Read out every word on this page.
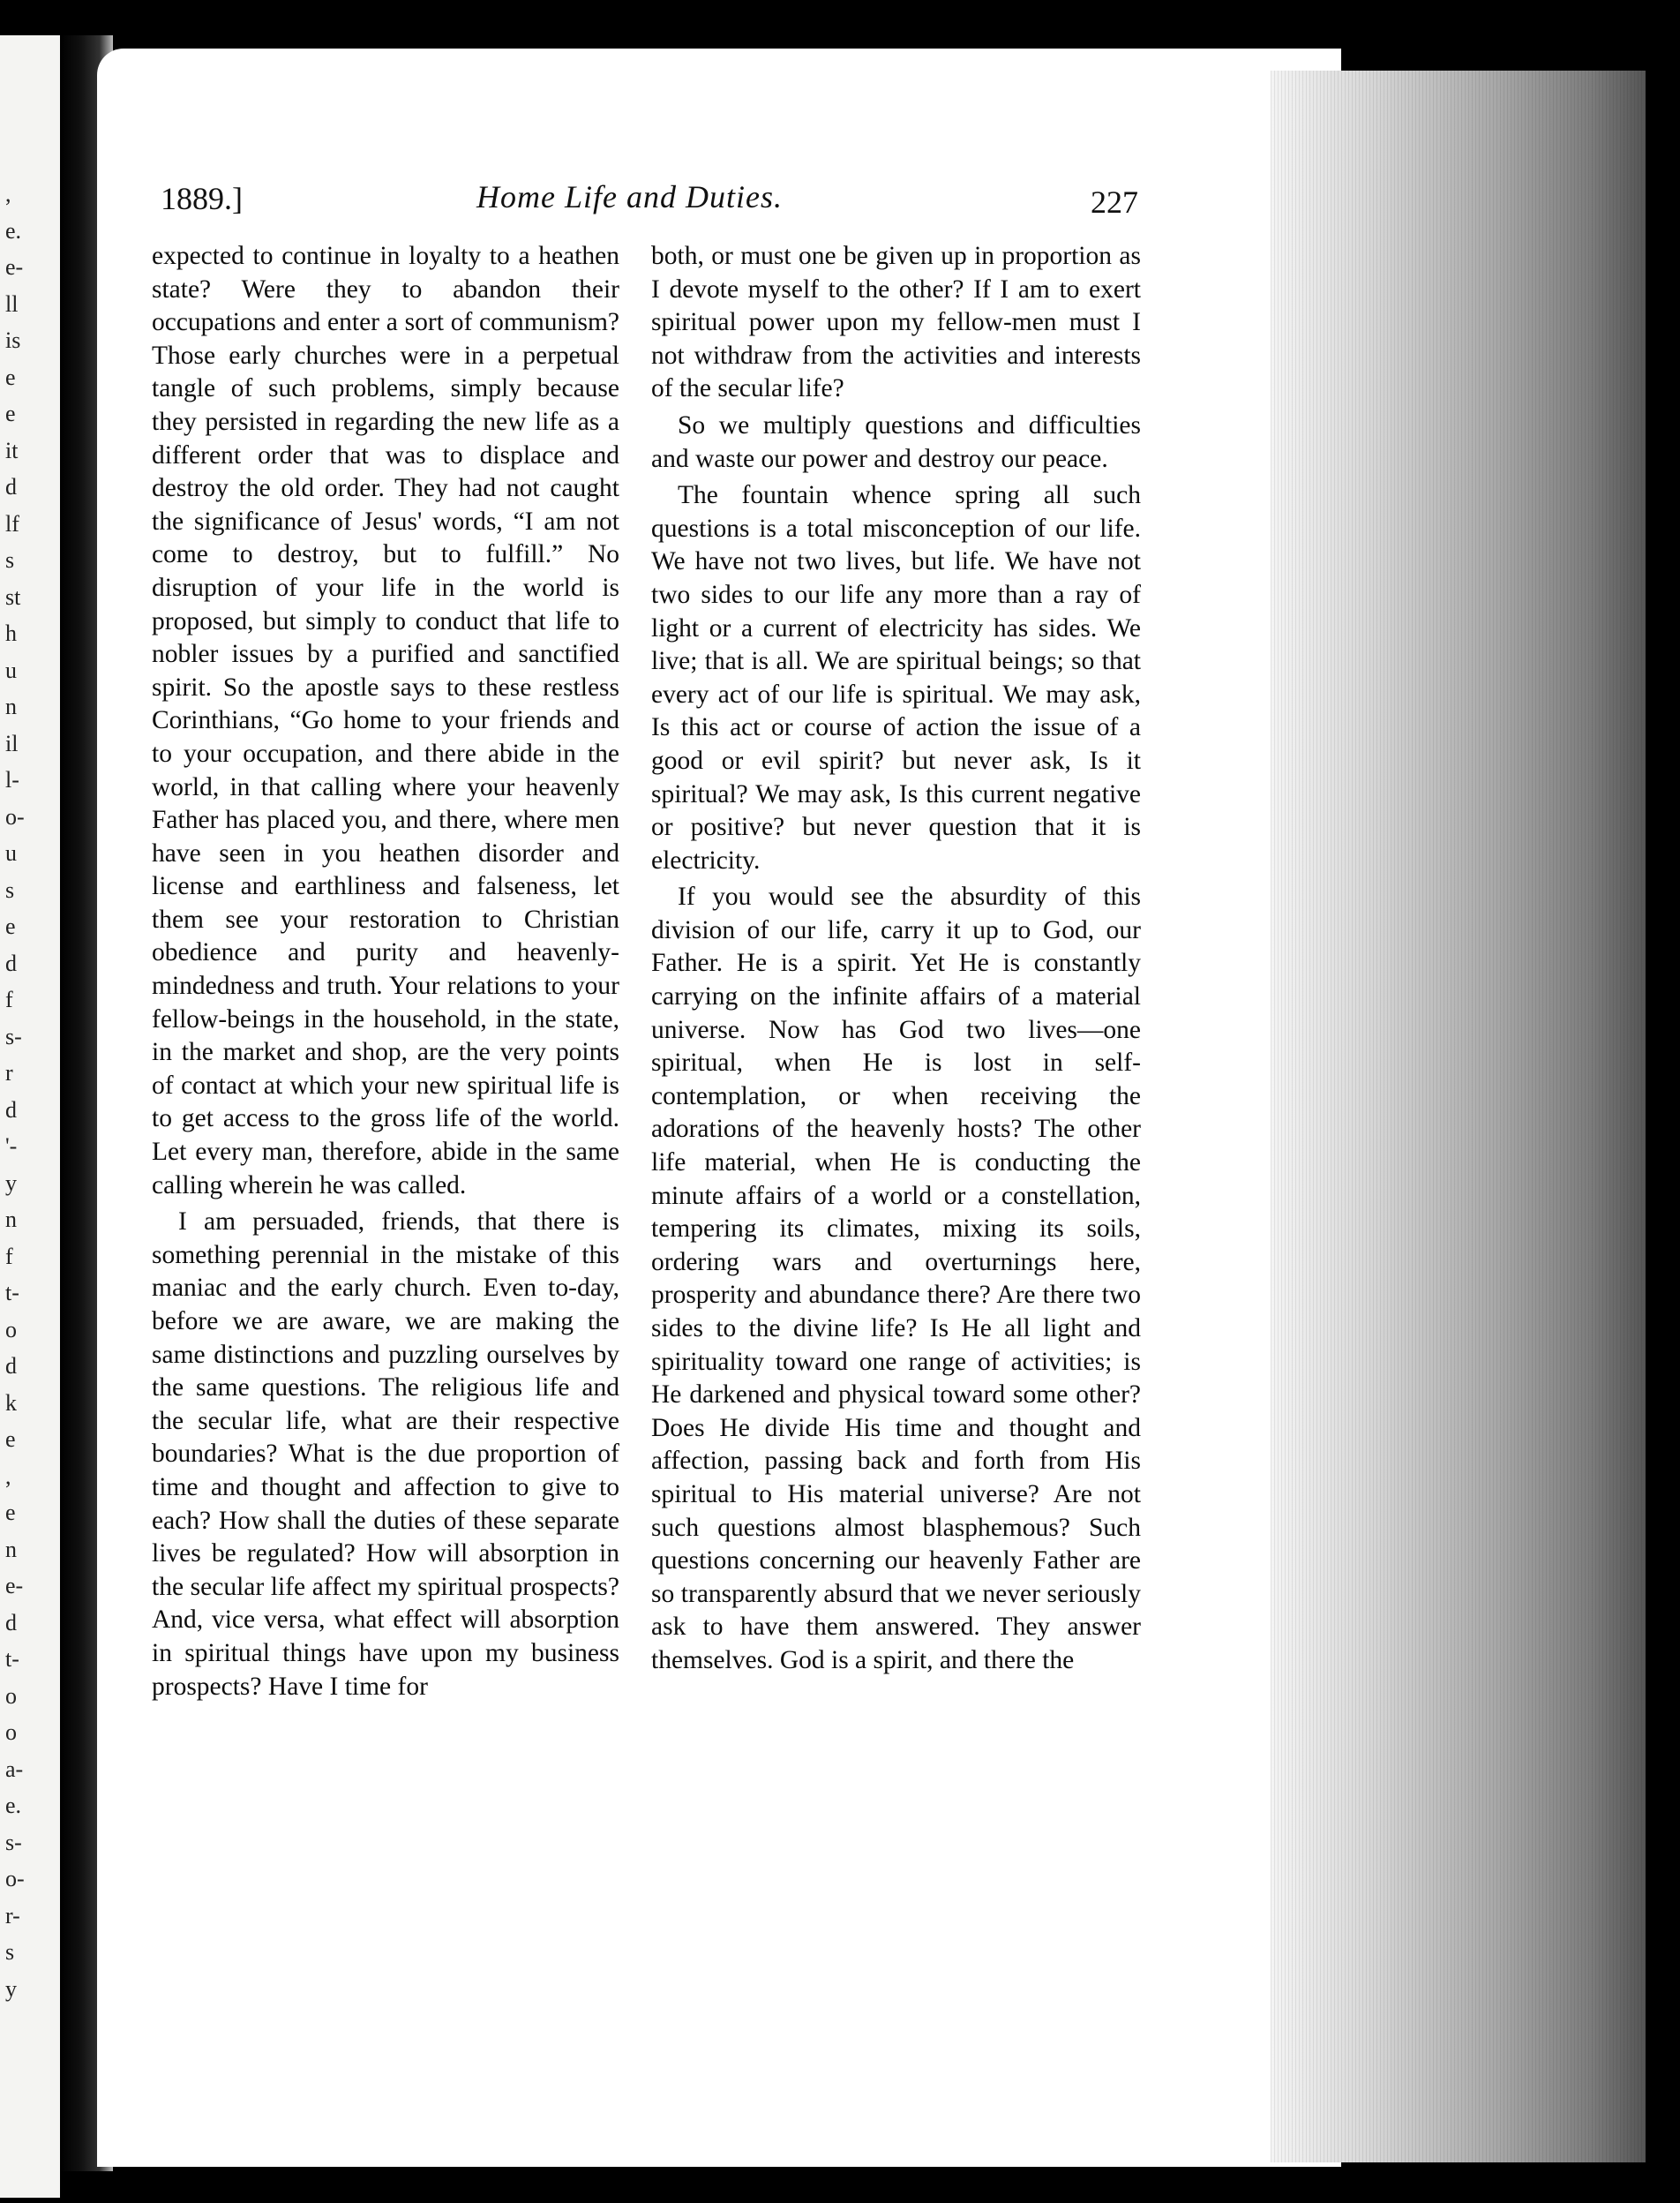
,
e.
e-
ll
is
e
e
it
d
lf
s
st
h
u
n
il
l-
o-
u
s
e
d
f
s-
r
d
'-
y
n
f
t-
o
d
k
e
,
e
n
e-
d
t-
o
o
a-
e.
s-
o-
r-
s
y
1889.]	Home Life and Duties.	227

expected to continue in loyalty to a heathen state? Were they to abandon their occupations and enter a sort of communism? Those early churches were in a perpetual tangle of such problems, simply because they persisted in regarding the new life as a different order that was to displace and destroy the old order. They had not caught the significance of Jesus' words, “I am not come to destroy, but to fulfill.” No disruption of your life in the world is proposed, but simply to conduct that life to nobler issues by a purified and sanctified spirit. So the apostle says to these restless Corinthians, “Go home to your friends and to your occupation, and there abide in the world, in that calling where your heavenly Father has placed you, and there, where men have seen in you heathen disorder and license and earthliness and falseness, let them see your restoration to Christian obedience and purity and heavenly-mindedness and truth. Your relations to your fellow-beings in the household, in the state, in the market and shop, are the very points of contact at which your new spiritual life is to get access to the gross life of the world. Let every man, therefore, abide in the same calling wherein he was called.

I am persuaded, friends, that there is something perennial in the mistake of this maniac and the early church. Even to-day, before we are aware, we are making the same distinctions and puzzling ourselves by the same questions. The religious life and the secular life, what are their respective boundaries? What is the due proportion of time and thought and affection to give to each? How shall the duties of these separate lives be regulated? How will absorption in the secular life affect my spiritual prospects? And, vice versa, what effect will absorption in spiritual things have upon my business prospects? Have I time for

both, or must one be given up in proportion as I devote myself to the other? If I am to exert spiritual power upon my fellow-men must I not withdraw from the activities and interests of the secular life?

So we multiply questions and difficulties and waste our power and destroy our peace.

The fountain whence spring all such questions is a total misconception of our life. We have not two lives, but life. We have not two sides to our life any more than a ray of light or a current of electricity has sides. We live; that is all. We are spiritual beings; so that every act of our life is spiritual. We may ask, Is this act or course of action the issue of a good or evil spirit? but never ask, Is it spiritual? We may ask, Is this current negative or positive? but never question that it is electricity.

If you would see the absurdity of this division of our life, carry it up to God, our Father. He is a spirit. Yet He is constantly carrying on the infinite affairs of a material universe. Now has God two lives—one spiritual, when He is lost in self-contemplation, or when receiving the adorations of the heavenly hosts? The other life material, when He is conducting the minute affairs of a world or a constellation, tempering its climates, mixing its soils, ordering wars and overturnings here, prosperity and abundance there? Are there two sides to the divine life? Is He all light and spirituality toward one range of activities; is He darkened and physical toward some other? Does He divide His time and thought and affection, passing back and forth from His spiritual to His material universe? Are not such questions almost blasphemous? Such questions concerning our heavenly Father are so transparently absurd that we never seriously ask to have them answered. They answer themselves. God is a spirit, and there the
